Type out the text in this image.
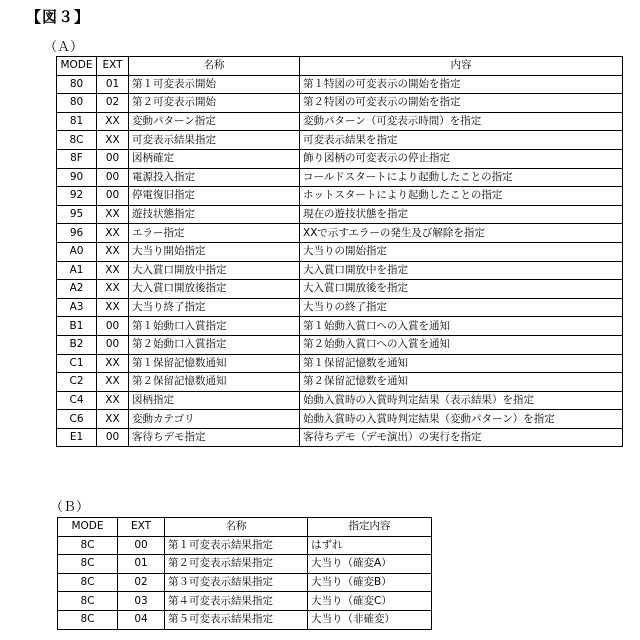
【図３】
（Ａ）
MODE	EXT	名称	内容
80	01	第１可変表示開始	第１特図の可変表示の開始を指定
80	02	第２可変表示開始	第２特図の可変表示の開始を指定
81	XX	変動パターン指定	変動パターン（可変表示時間）を指定
8C	XX	可変表示結果指定	可変表示結果を指定
8F	00	図柄確定	飾り図柄の可変表示の停止指定
90	00	電源投入指定	コールドスタートにより起動したことの指定
92	00	停電復旧指定	ホットスタートにより起動したことの指定
95	XX	遊技状態指定	現在の遊技状態を指定
96	XX	エラー指定	XXで示すエラーの発生及び解除を指定
A0	XX	大当り開始指定	大当りの開始指定
A1	XX	大入賞口開放中指定	大入賞口開放中を指定
A2	XX	大入賞口開放後指定	大入賞口開放後を指定
A3	XX	大当り終了指定	大当りの終了指定
B1	00	第１始動口入賞指定	第１始動入賞口への入賞を通知
B2	00	第２始動口入賞指定	第２始動入賞口への入賞を通知
C1	XX	第１保留記憶数通知	第１保留記憶数を通知
C2	XX	第２保留記憶数通知	第２保留記憶数を通知
C4	XX	図柄指定	始動入賞時の入賞時判定結果（表示結果）を指定
C6	XX	変動カテゴリ	始動入賞時の入賞時判定結果（変動パターン）を指定
E1	00	客待ちデモ指定	客待ちデモ（デモ演出）の実行を指定
（Ｂ）
MODE	EXT	名称	指定内容
8C	00	第１可変表示結果指定	はずれ
8C	01	第２可変表示結果指定	大当り（確変A）
8C	02	第３可変表示結果指定	大当り（確変B）
8C	03	第４可変表示結果指定	大当り（確変C）
8C	04	第５可変表示結果指定	大当り（非確変）
